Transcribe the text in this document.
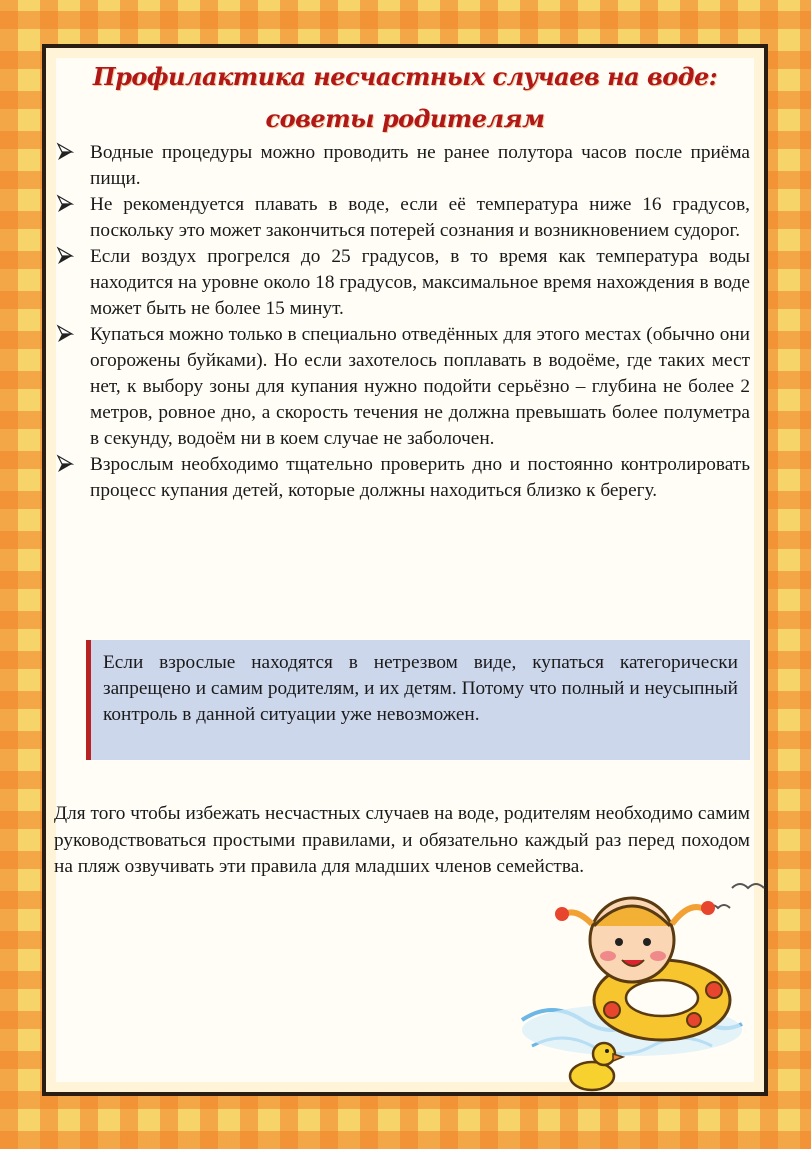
Профилактика несчастных случаев на воде:
советы родителям
Водные процедуры можно проводить не ранее полутора часов после приёма пищи.
Не рекомендуется плавать в воде, если её температура ниже 16 градусов, поскольку это может закончиться потерей сознания и возникновением судорог.
Если воздух прогрелся до 25 градусов, в то время как температура воды находится на уровне около 18 градусов, максимальное время нахождения в воде может быть не более 15 минут.
Купаться можно только в специально отведённых для этого местах (обычно они огорожены буйками). Но если захотелось поплавать в водоёме, где таких мест нет, к выбору зоны для купания нужно подойти серьёзно – глубина не более 2 метров, ровное дно, а скорость течения не должна превышать более полуметра в секунду, водоём ни в коем случае не заболочен.
Взрослым необходимо тщательно проверить дно и постоянно контролировать процесс купания детей, которые должны находиться близко к берегу.
Если взрослые находятся в нетрезвом виде, купаться категорически запрещено и самим родителям, и их детям. Потому что полный и неусыпный контроль в данной ситуации уже невозможен.
Для того чтобы избежать несчастных случаев на воде, родителям необходимо самим руководствоваться простыми правилами, и обязательно каждый раз перед походом на пляж озвучивать эти правила для младших членов семейства.
